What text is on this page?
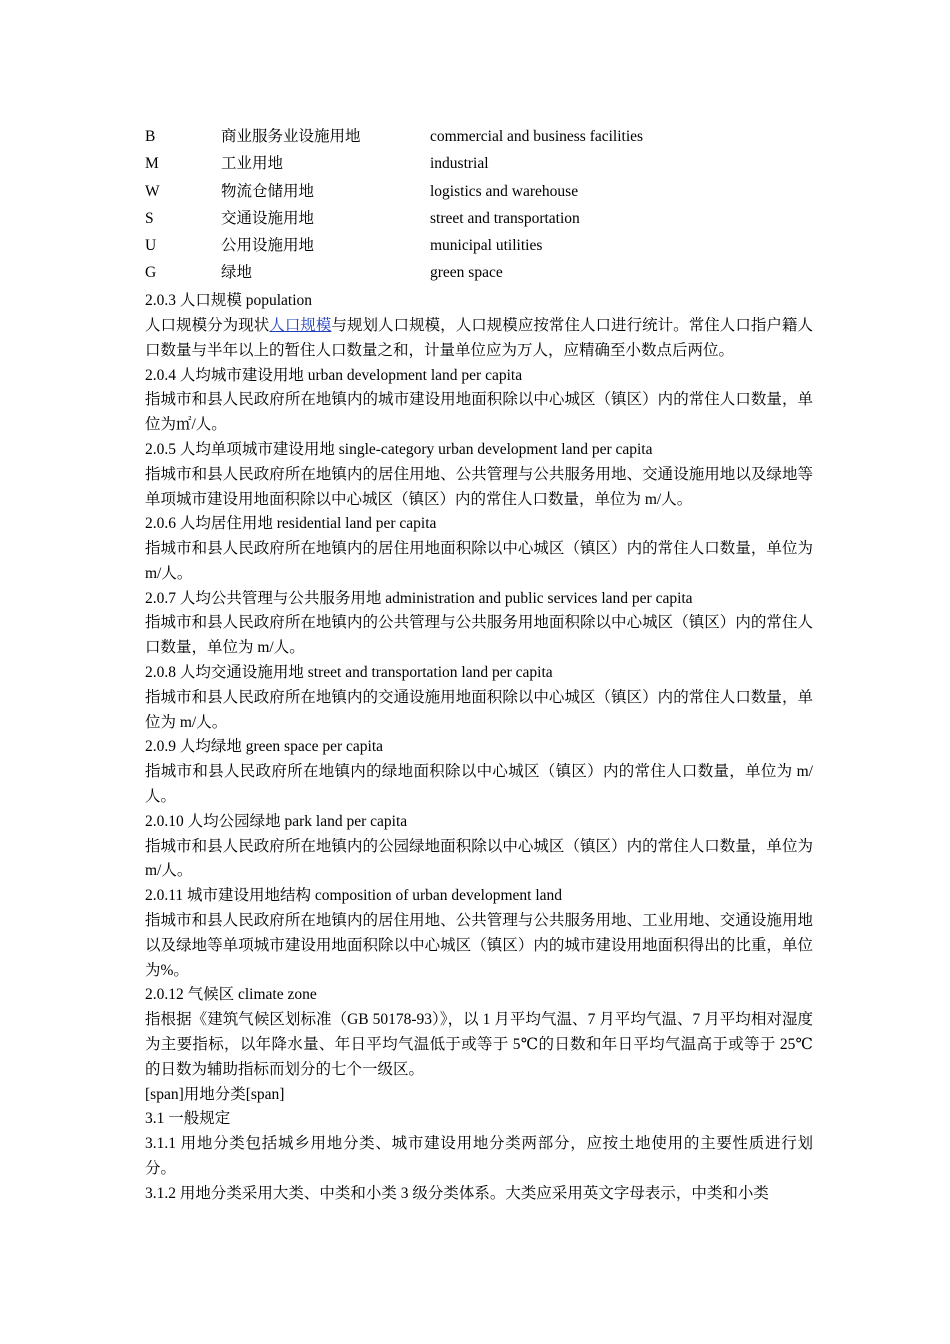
B	商业服务业设施用地	commercial and business facilities
M	工业用地	industrial
W	物流仓储用地	logistics and warehouse
S	交通设施用地	street and transportation
U	公用设施用地	municipal utilities
G	绿地	green space

2.0.3 人口规模 population

人口规模分为现状人口规模与规划人口规模，人口规模应按常住人口进行统计。常住人口指户籍人口数量与半年以上的暂住人口数量之和，计量单位应为万人，应精确至小数点后两位。

2.0.4 人均城市建设用地 urban development land per capita

指城市和县人民政府所在地镇内的城市建设用地面积除以中心城区（镇区）内的常住人口数量，单位为㎡/人。

2.0.5 人均单项城市建设用地 single-category urban development land per capita

指城市和县人民政府所在地镇内的居住用地、公共管理与公共服务用地、交通设施用地以及绿地等单项城市建设用地面积除以中心城区（镇区）内的常住人口数量，单位为 m/人。

2.0.6 人均居住用地 residential land per capita

指城市和县人民政府所在地镇内的居住用地面积除以中心城区（镇区）内的常住人口数量，单位为 m/人。

2.0.7 人均公共管理与公共服务用地 administration and public services land per capita

指城市和县人民政府所在地镇内的公共管理与公共服务用地面积除以中心城区（镇区）内的常住人口数量，单位为 m/人。

2.0.8 人均交通设施用地 street and transportation land per capita

指城市和县人民政府所在地镇内的交通设施用地面积除以中心城区（镇区）内的常住人口数量，单位为 m/人。

2.0.9 人均绿地 green space per capita

指城市和县人民政府所在地镇内的绿地面积除以中心城区（镇区）内的常住人口数量，单位为 m/人。

2.0.10 人均公园绿地 park land per capita

指城市和县人民政府所在地镇内的公园绿地面积除以中心城区（镇区）内的常住人口数量，单位为 m/人。

2.0.11 城市建设用地结构 composition of urban development land

指城市和县人民政府所在地镇内的居住用地、公共管理与公共服务用地、工业用地、交通设施用地以及绿地等单项城市建设用地面积除以中心城区（镇区）内的城市建设用地面积得出的比重，单位为%。

2.0.12 气候区 climate zone

指根据《建筑气候区划标准（GB 50178-93）》，以 1 月平均气温、7 月平均气温、7 月平均相对湿度为主要指标，以年降水量、年日平均气温低于或等于 5℃的日数和年日平均气温高于或等于 25℃的日数为辅助指标而划分的七个一级区。

[span]用地分类[span]

3.1 一般规定

3.1.1 用地分类包括城乡用地分类、城市建设用地分类两部分，应按土地使用的主要性质进行划分。

3.1.2 用地分类采用大类、中类和小类 3 级分类体系。大类应采用英文字母表示，中类和小类
